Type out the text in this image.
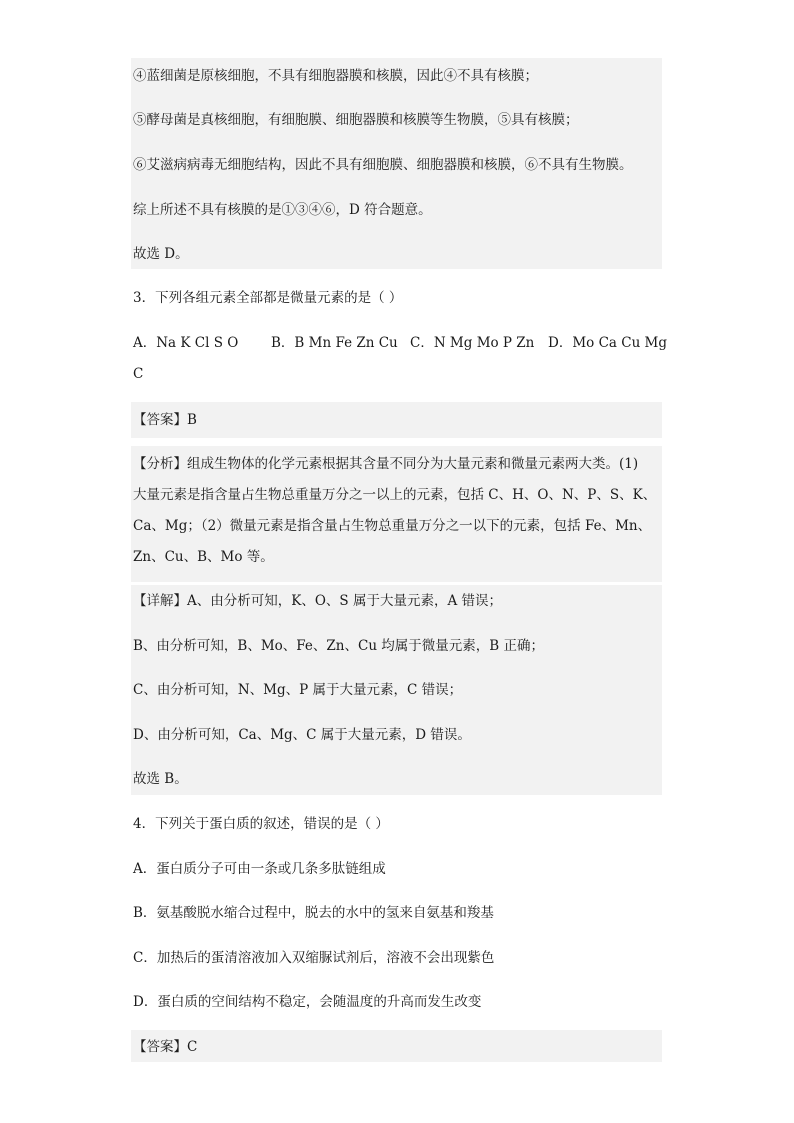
④蓝细菌是原核细胞，不具有细胞器膜和核膜，因此④不具有核膜；
⑤酵母菌是真核细胞，有细胞膜、细胞器膜和核膜等生物膜，⑤具有核膜；
⑥艾滋病病毒无细胞结构，因此不具有细胞膜、细胞器膜和核膜，⑥不具有生物膜。
综上所述不具有核膜的是①③④⑥，D 符合题意。
故选 D。
3．下列各组元素全部都是微量元素的是（ ）
A．Na K Cl S O B．B Mn Fe Zn Cu C．N Mg Mo P Zn D．Mo Ca Cu Mg
C
【答案】B
【分析】组成生物体的化学元素根据其含量不同分为大量元素和微量元素两大类。(1)
大量元素是指含量占生物总重量万分之一以上的元素，包括 C、H、O、N、P、S、K、
Ca、Mg；（2）微量元素是指含量占生物总重量万分之一以下的元素，包括 Fe、Mn、
Zn、Cu、B、Mo 等。
【详解】A、由分析可知，K、O、S 属于大量元素，A 错误；
B、由分析可知，B、Mo、Fe、Zn、Cu 均属于微量元素，B 正确；
C、由分析可知，N、Mg、P 属于大量元素，C 错误；
D、由分析可知，Ca、Mg、C 属于大量元素，D 错误。
故选 B。
4．下列关于蛋白质的叙述，错误的是（ ）
A．蛋白质分子可由一条或几条多肽链组成
B．氨基酸脱水缩合过程中，脱去的水中的氢来自氨基和羧基
C．加热后的蛋清溶液加入双缩脲试剂后，溶液不会出现紫色
D．蛋白质的空间结构不稳定，会随温度的升高而发生改变
【答案】C
